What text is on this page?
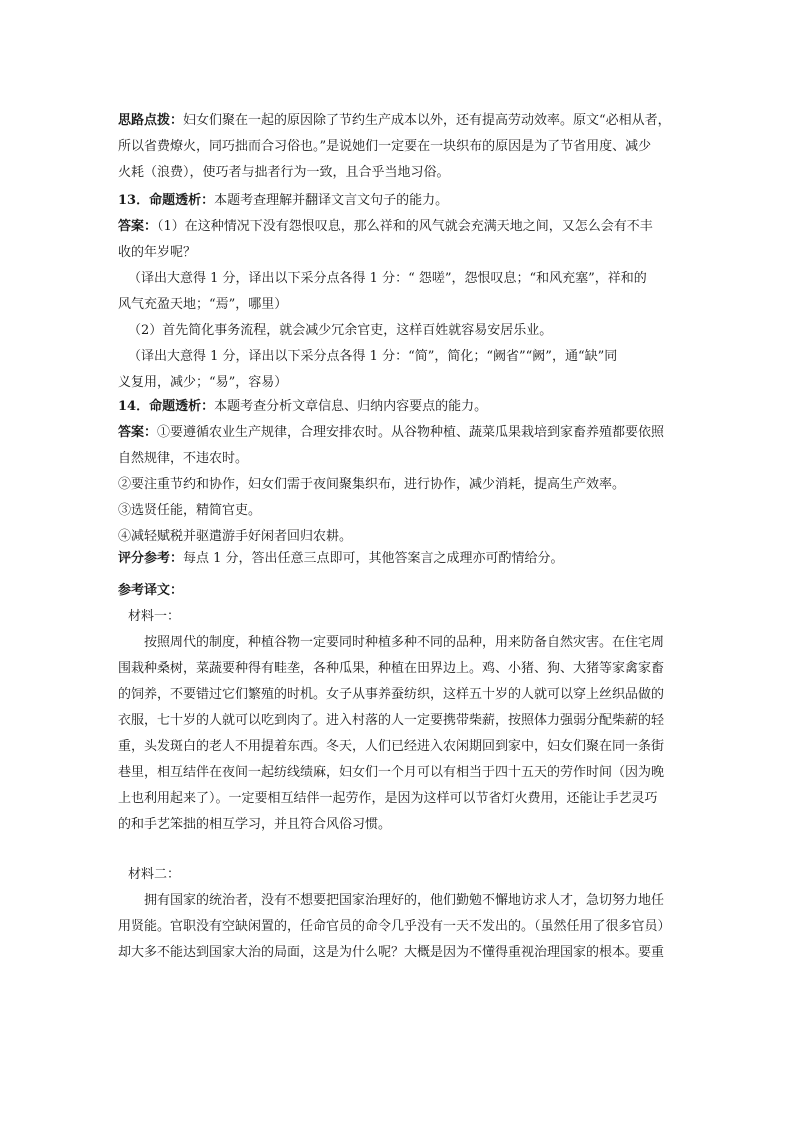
思路点拨：妇女们聚在一起的原因除了节约生产成本以外，还有提高劳动效率。原文“必相从者，
所以省费燎火，同巧拙而合习俗也。”是说她们一定要在一块织布的原因是为了节省用度、减少
火耗（浪费），使巧者与拙者行为一致，且合乎当地习俗。
13．命题透析：本题考查理解并翻译文言文句子的能力。
答案：（1）在这种情况下没有怨恨叹息，那么祥和的风气就会充满天地之间，又怎么会有不丰
收的年岁呢？
（译出大意得 1 分，译出以下采分点各得 1 分：“ 怨嗟”，怨恨叹息；“和风充塞”，祥和的
风气充盈天地；“焉”，哪里）
（2）首先简化事务流程，就会减少冗余官吏，这样百姓就容易安居乐业。
（译出大意得 1 分，译出以下采分点各得 1 分：“简”，简化；“阙省”“阙”，通“缺”同
义复用，减少；“易”，容易）
14．命题透析：本题考查分析文章信息、归纳内容要点的能力。
答案：①要遵循农业生产规律，合理安排农时。从谷物种植、蔬菜瓜果栽培到家畜养殖都要依照
自然规律，不违农时。
②要注重节约和协作，妇女们需于夜间聚集织布，进行协作，减少消耗，提高生产效率。
③选贤任能，精简官吏。
④减轻赋税并驱遣游手好闲者回归农耕。
评分参考：每点 1 分，答出任意三点即可，其他答案言之成理亦可酌情给分。
参考译文：
材料一：
按照周代的制度，种植谷物一定要同时种植多种不同的品种，用来防备自然灾害。在住宅周
围栽种桑树，菜蔬要种得有畦垄，各种瓜果，种植在田界边上。鸡、小猪、狗、大猪等家禽家畜
的饲养，不要错过它们繁殖的时机。女子从事养蚕纺织，这样五十岁的人就可以穿上丝织品做的
衣服，七十岁的人就可以吃到肉了。进入村落的人一定要携带柴薪，按照体力强弱分配柴薪的轻
重，头发斑白的老人不用提着东西。冬天，人们已经进入农闲期回到家中，妇女们聚在同一条街
巷里，相互结伴在夜间一起纺线绩麻，妇女们一个月可以有相当于四十五天的劳作时间（因为晚
上也利用起来了）。一定要相互结伴一起劳作，是因为这样可以节省灯火费用，还能让手艺灵巧
的和手艺笨拙的相互学习，并且符合风俗习惯。
材料二：
拥有国家的统治者，没有不想要把国家治理好的，他们勤勉不懈地访求人才，急切努力地任
用贤能。官职没有空缺闲置的，任命官员的命令几乎没有一天不发出的。（虽然任用了很多官员）
却大多不能达到国家大治的局面，这是为什么呢？大概是因为不懂得重视治理国家的根本。要重
